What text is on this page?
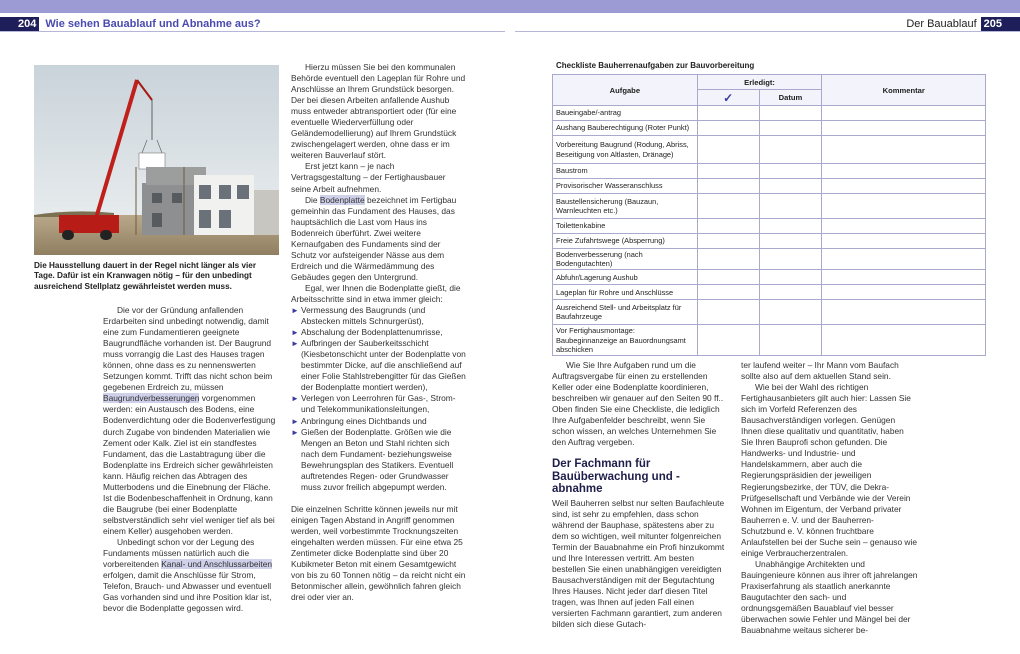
204 Wie sehen Bauablauf und Abnahme aus?	Der Bauablauf 205
Die Hausstellung dauert in der Regel nicht länger als vier Tage. Dafür ist ein Kranwagen nötig – für den unbedingt ausreichend Stellplatz gewährleistet werden muss.

Die vor der Gründung anfallenden Erdarbeiten sind unbedingt notwendig, damit eine zum Fundamentieren geeignete Baugrundfläche vorhanden ist. Der Baugrund muss vorrangig die Last des Hauses tragen können, ohne dass es zu nennenswerten Setzungen kommt. Trifft das nicht schon beim gegebenen Erdreich zu, müssen Baugrundverbesserungen vorgenommen werden: ein Austausch des Bodens, eine Bodenverdichtung oder die Bodenverfestigung durch Zugabe von bindenden Materialien wie Zement oder Kalk. Ziel ist ein standfestes Fundament, das die Lastabtragung über die Bodenplatte ins Erdreich sicher gewährleisten kann. Häufig reichen das Abtragen des Mutterbodens und die Einebnung der Fläche. Ist die Bodenbeschaffenheit in Ordnung, kann die Baugrube (bei einer Bodenplatte selbstverständlich sehr viel weniger tief als bei einem Keller) ausgehoben werden.

Unbedingt schon vor der Legung des Fundaments müssen natürlich auch die vorbereitenden Kanal- und Anschlussarbeiten erfolgen, damit die Anschlüsse für Strom, Telefon, Brauch- und Abwasser und eventuell Gas vorhanden sind und ihre Position klar ist, bevor die Bodenplatte gegossen wird.

Hierzu müssen Sie bei den kommunalen Behörde eventuell den Lageplan für Rohre und Anschlüsse an Ihrem Grundstück besorgen. Der bei diesen Arbeiten anfallende Aushub muss entweder abtransportiert oder (für eine eventuelle Wiederverfüllung oder Geländemodellierung) auf Ihrem Grundstück zwischengelagert werden, ohne dass er im weiteren Bauverlauf stört.

Erst jetzt kann – je nach Vertragsgestaltung – der Fertighausbauer seine Arbeit aufnehmen.

Die Bodenplatte bezeichnet im Fertigbau gemeinhin das Fundament des Hauses, das hauptsächlich die Last vom Haus ins Bodenreich überführt. Zwei weitere Kernaufgaben des Fundaments sind der Schutz vor aufsteigender Nässe aus dem Erdreich und die Wärmedämmung des Gebäudes gegen den Untergrund.

Egal, wer Ihnen die Bodenplatte gießt, die Arbeitsschritte sind in etwa immer gleich:

► Vermessung des Baugrunds (und Abstecken mittels Schnurgerüst),
► Abschalung der Bodenplattenumrisse,
► Aufbringen der Sauberkeitsschicht (Kiesbetonschicht unter der Bodenplatte von bestimmter Dicke, auf die anschließend auf einer Folie Stahlstrebengitter für das Gießen der Bodenplatte montiert werden),
► Verlegen von Leerrohren für Gas-, Strom- und Telekommunikationsleitungen,
► Anbringung eines Dichtbands und
► Gießen der Bodenplatte. Größen wie die Mengen an Beton und Stahl richten sich nach dem Fundament- beziehungsweise Bewehrungsplan des Statikers. Eventuell auftretendes Regen- oder Grundwasser muss zuvor freilich abgepumpt werden.

Die einzelnen Schritte können jeweils nur mit einigen Tagen Abstand in Angriff genommen werden, weil vorbestimmte Trocknungszeiten eingehalten werden müssen. Für eine etwa 25 Zentimeter dicke Bodenplatte sind über 20 Kubikmeter Beton mit einem Gesamtgewicht von bis zu 60 Tonnen nötig – da reicht nicht ein Betonmischer allein, gewöhnlich fahren gleich drei oder vier an.

Checkliste Bauherrenaufgaben zur Bauvorbereitung
Aufgabe	Erledigt:		Kommentar
	✓	Datum	
Baueingabe/-antrag			
Aushang Bauberechtigung (Roter Punkt)			
Vorbereitung Baugrund (Rodung, Abriss, Beseitigung von Altlasten, Dränage)			
Baustrom			
Provisorischer Wasseranschluss			
Baustellensicherung (Bauzaun, Warnleuchten etc.)			
Toilettenkabine			
Freie Zufahrtswege (Absperrung)			
Bodenverbesserung (nach Bodengutachten)			
Abfuhr/Lagerung Aushub			
Lageplan für Rohre und Anschlüsse			
Ausreichend Stell- und Arbeitsplatz für Baufahrzeuge			
Vor Fertighausmontage: Baubeginnanzeige an Bauordnungsamt abschicken			

Wie Sie Ihre Aufgaben rund um die Auftragsvergabe für einen zu erstellenden Keller oder eine Bodenplatte koordinieren, beschreiben wir genauer auf den Seiten 90 ff.. Oben finden Sie eine Checkliste, die lediglich Ihre Aufgabenfelder beschreibt, wenn Sie schon wissen, an welches Unternehmen Sie den Auftrag vergeben.

Der Fachmann für Bauüberwachung und -abnahme

Weil Bauherren selbst nur selten Baufachleute sind, ist sehr zu empfehlen, dass schon während der Bauphase, spätestens aber zu dem so wichtigen, weil mitunter folgenreichen Termin der Bauabnahme ein Profi hinzukommt und Ihre Interessen vertritt. Am besten bestellen Sie einen unabhängigen vereidigten Bausachverständigen mit der Begutachtung Ihres Hauses. Nicht jeder darf diesen Titel tragen, was Ihnen auf jeden Fall einen versierten Fachmann garantiert, zum anderen bilden sich diese Gutach-

ter laufend weiter – Ihr Mann vom Baufach sollte also auf dem aktuellen Stand sein.

Wie bei der Wahl des richtigen Fertighausanbieters gilt auch hier: Lassen Sie sich im Vorfeld Referenzen des Bausachverständigen vorlegen. Genügen Ihnen diese qualitativ und quantitativ, haben Sie Ihren Bauprofi schon gefunden. Die Handwerks- und Industrie- und Handelskammern, aber auch die Regierungspräsidien der jeweiligen Regierungsbezirke, der TÜV, die Dekra-Prüfgesellschaft und Verbände wie der Verein Wohnen im Eigentum, der Verband privater Bauherren e. V. und der Bauherren-Schutzbund e. V. können fruchtbare Anlaufstellen bei der Suche sein – genauso wie einige Verbraucherzentralen.

Unabhängige Architekten und Bauingenieure können aus ihrer oft jahrelangen Praxiserfahrung als staatlich anerkannte Baugutachter den sach- und ordnungsgemäßen Bauablauf viel besser überwachen sowie Fehler und Mängel bei der Bauabnahme weitaus sicherer be-
